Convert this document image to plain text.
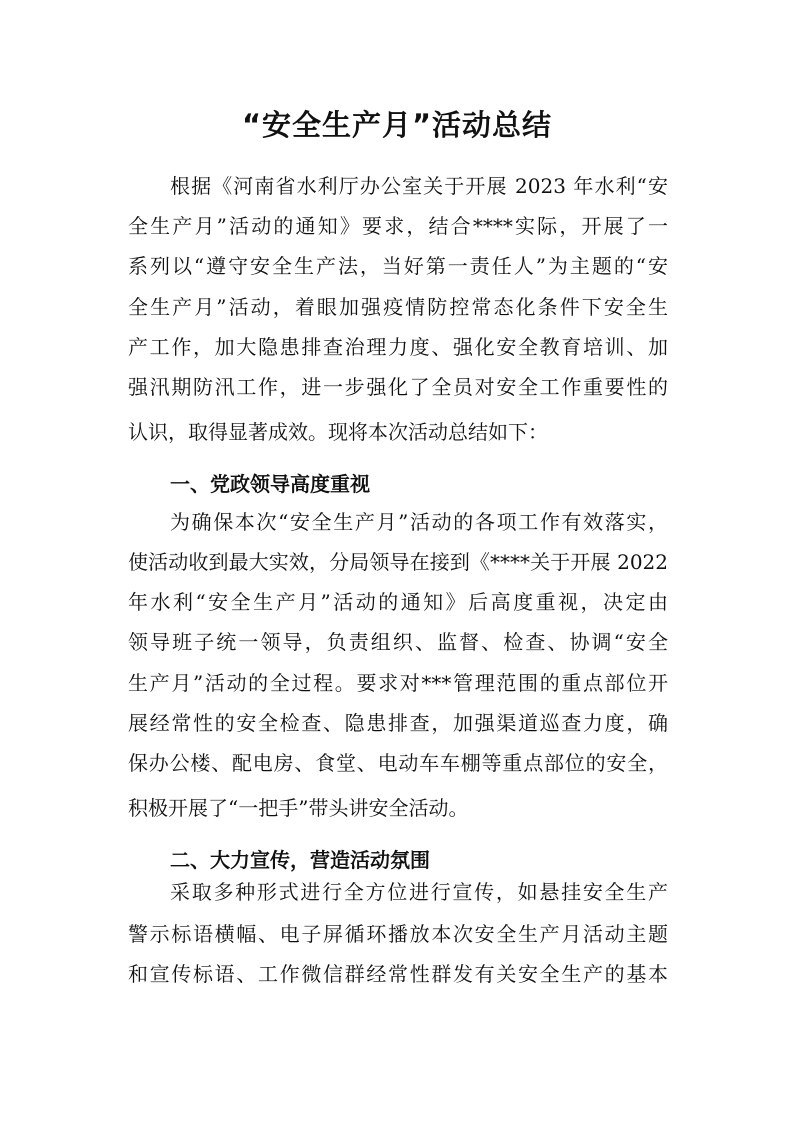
“安全生产月”活动总结

根据《河南省水利厅办公室关于开展 2023 年水利“安

全生产月”活动的通知》要求，结合****实际，开展了一

系列以“遵守安全生产法，当好第一责任人”为主题的“安

全生产月”活动，着眼加强疫情防控常态化条件下安全生

产工作，加大隐患排查治理力度、强化安全教育培训、加

强汛期防汛工作，进一步强化了全员对安全工作重要性的

认识，取得显著成效。现将本次活动总结如下：

一、党政领导高度重视

为确保本次“安全生产月”活动的各项工作有效落实，

使活动收到最大实效，分局领导在接到《****关于开展 2022

年水利“安全生产月”活动的通知》后高度重视，决定由

领导班子统一领导，负责组织、监督、检查、协调“安全

生产月”活动的全过程。要求对***管理范围的重点部位开

展经常性的安全检查、隐患排查，加强渠道巡查力度，确

保办公楼、配电房、食堂、电动车车棚等重点部位的安全，

积极开展了“一把手”带头讲安全活动。

二、大力宣传，营造活动氛围

采取多种形式进行全方位进行宣传，如悬挂安全生产

警示标语横幅、电子屏循环播放本次安全生产月活动主题

和宣传标语、工作微信群经常性群发有关安全生产的基本
